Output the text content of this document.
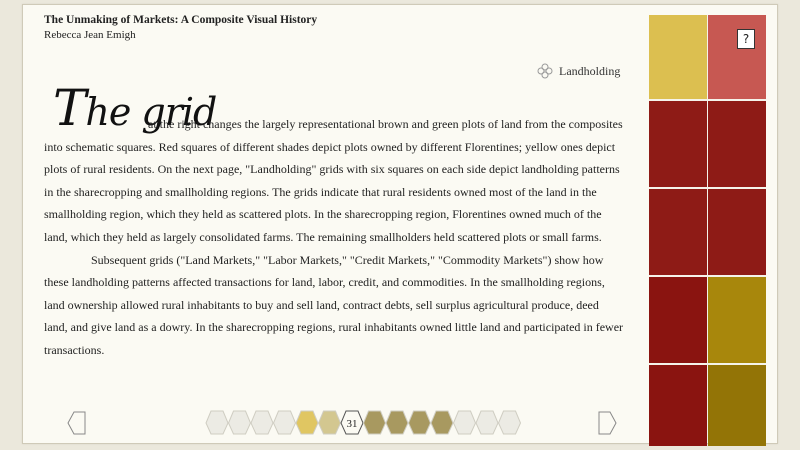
The Unmaking of Markets: A Composite Visual History
Rebecca Jean Emigh
Landholding
The grid

at the right changes the largely representational brown and green plots of land from the composites into schematic squares. Red squares of different shades depict plots owned by different Florentines; yellow ones depict plots of rural residents. On the next page, "Landholding" grids with six squares on each side depict landholding patterns in the sharecropping and smallholding regions. The grids indicate that rural residents owned most of the land in the smallholding region, which they held as scattered plots. In the sharecropping region, Florentines owned much of the land, which they held as largely consolidated farms. The remaining smallholders held scattered plots or small farms.

Subsequent grids ("Land Markets," "Labor Markets," "Credit Markets," "Commodity Markets") show how these landholding patterns affected transactions for land, labor, credit, and commodities. In the smallholding regions, land ownership allowed rural inhabitants to buy and sell land, contract debts, sell surplus agricultural produce, deed land, and give land as a dowry. In the sharecropping regions, rural inhabitants owned little land and participated in fewer transactions.

?
31
